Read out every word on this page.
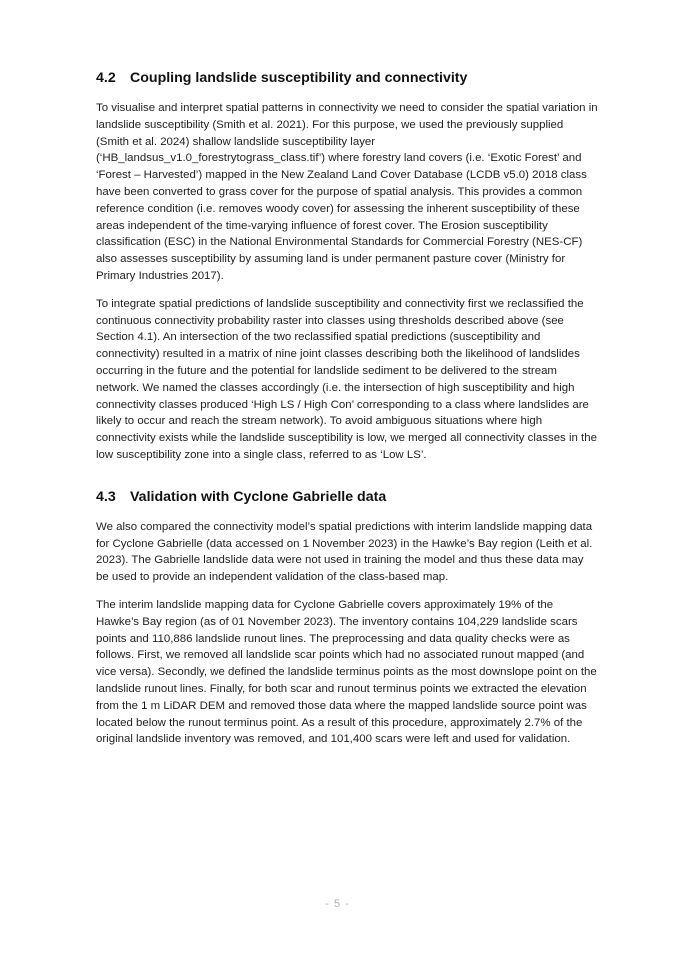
4.2 Coupling landslide susceptibility and connectivity

To visualise and interpret spatial patterns in connectivity we need to consider the spatial variation in landslide susceptibility (Smith et al. 2021). For this purpose, we used the previously supplied (Smith et al. 2024) shallow landslide susceptibility layer (‘HB_landsus_v1.0_forestrytograss_class.tif’) where forestry land covers (i.e. ‘Exotic Forest’ and ‘Forest – Harvested’) mapped in the New Zealand Land Cover Database (LCDB v5.0) 2018 class have been converted to grass cover for the purpose of spatial analysis. This provides a common reference condition (i.e. removes woody cover) for assessing the inherent susceptibility of these areas independent of the time-varying influence of forest cover. The Erosion susceptibility classification (ESC) in the National Environmental Standards for Commercial Forestry (NES-CF) also assesses susceptibility by assuming land is under permanent pasture cover (Ministry for Primary Industries 2017).

To integrate spatial predictions of landslide susceptibility and connectivity first we reclassified the continuous connectivity probability raster into classes using thresholds described above (see Section 4.1). An intersection of the two reclassified spatial predictions (susceptibility and connectivity) resulted in a matrix of nine joint classes describing both the likelihood of landslides occurring in the future and the potential for landslide sediment to be delivered to the stream network. We named the classes accordingly (i.e. the intersection of high susceptibility and high connectivity classes produced ‘High LS / High Con’ corresponding to a class where landslides are likely to occur and reach the stream network). To avoid ambiguous situations where high connectivity exists while the landslide susceptibility is low, we merged all connectivity classes in the low susceptibility zone into a single class, referred to as ‘Low LS’.

4.3 Validation with Cyclone Gabrielle data

We also compared the connectivity model’s spatial predictions with interim landslide mapping data for Cyclone Gabrielle (data accessed on 1 November 2023) in the Hawke’s Bay region (Leith et al. 2023). The Gabrielle landslide data were not used in training the model and thus these data may be used to provide an independent validation of the class-based map.

The interim landslide mapping data for Cyclone Gabrielle covers approximately 19% of the Hawke’s Bay region (as of 01 November 2023). The inventory contains 104,229 landslide scars points and 110,886 landslide runout lines. The preprocessing and data quality checks were as follows. First, we removed all landslide scar points which had no associated runout mapped (and vice versa). Secondly, we defined the landslide terminus points as the most downslope point on the landslide runout lines. Finally, for both scar and runout terminus points we extracted the elevation from the 1 m LiDAR DEM and removed those data where the mapped landslide source point was located below the runout terminus point. As a result of this procedure, approximately 2.7% of the original landslide inventory was removed, and 101,400 scars were left and used for validation.

- 5 -
